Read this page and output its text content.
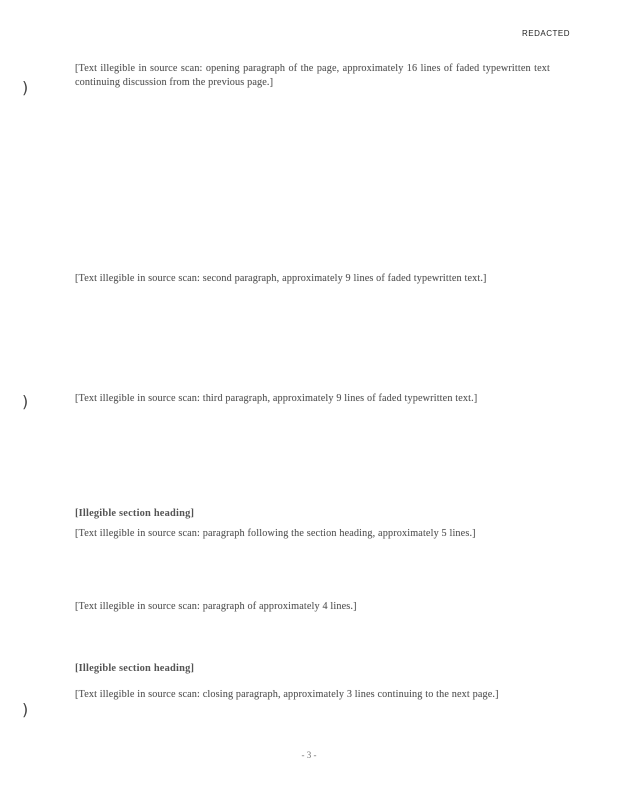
REDACTED
)
)
)

[Text illegible in source scan: opening paragraph of the page, approximately 16 lines of faded typewritten text continuing discussion from the previous page.]

[Text illegible in source scan: second paragraph, approximately 9 lines of faded typewritten text.]

[Text illegible in source scan: third paragraph, approximately 9 lines of faded typewritten text.]

[Illegible section heading]

[Text illegible in source scan: paragraph following the section heading, approximately 5 lines.]

[Text illegible in source scan: paragraph of approximately 4 lines.]

[Illegible section heading]

[Text illegible in source scan: closing paragraph, approximately 3 lines continuing to the next page.]

- 3 -
